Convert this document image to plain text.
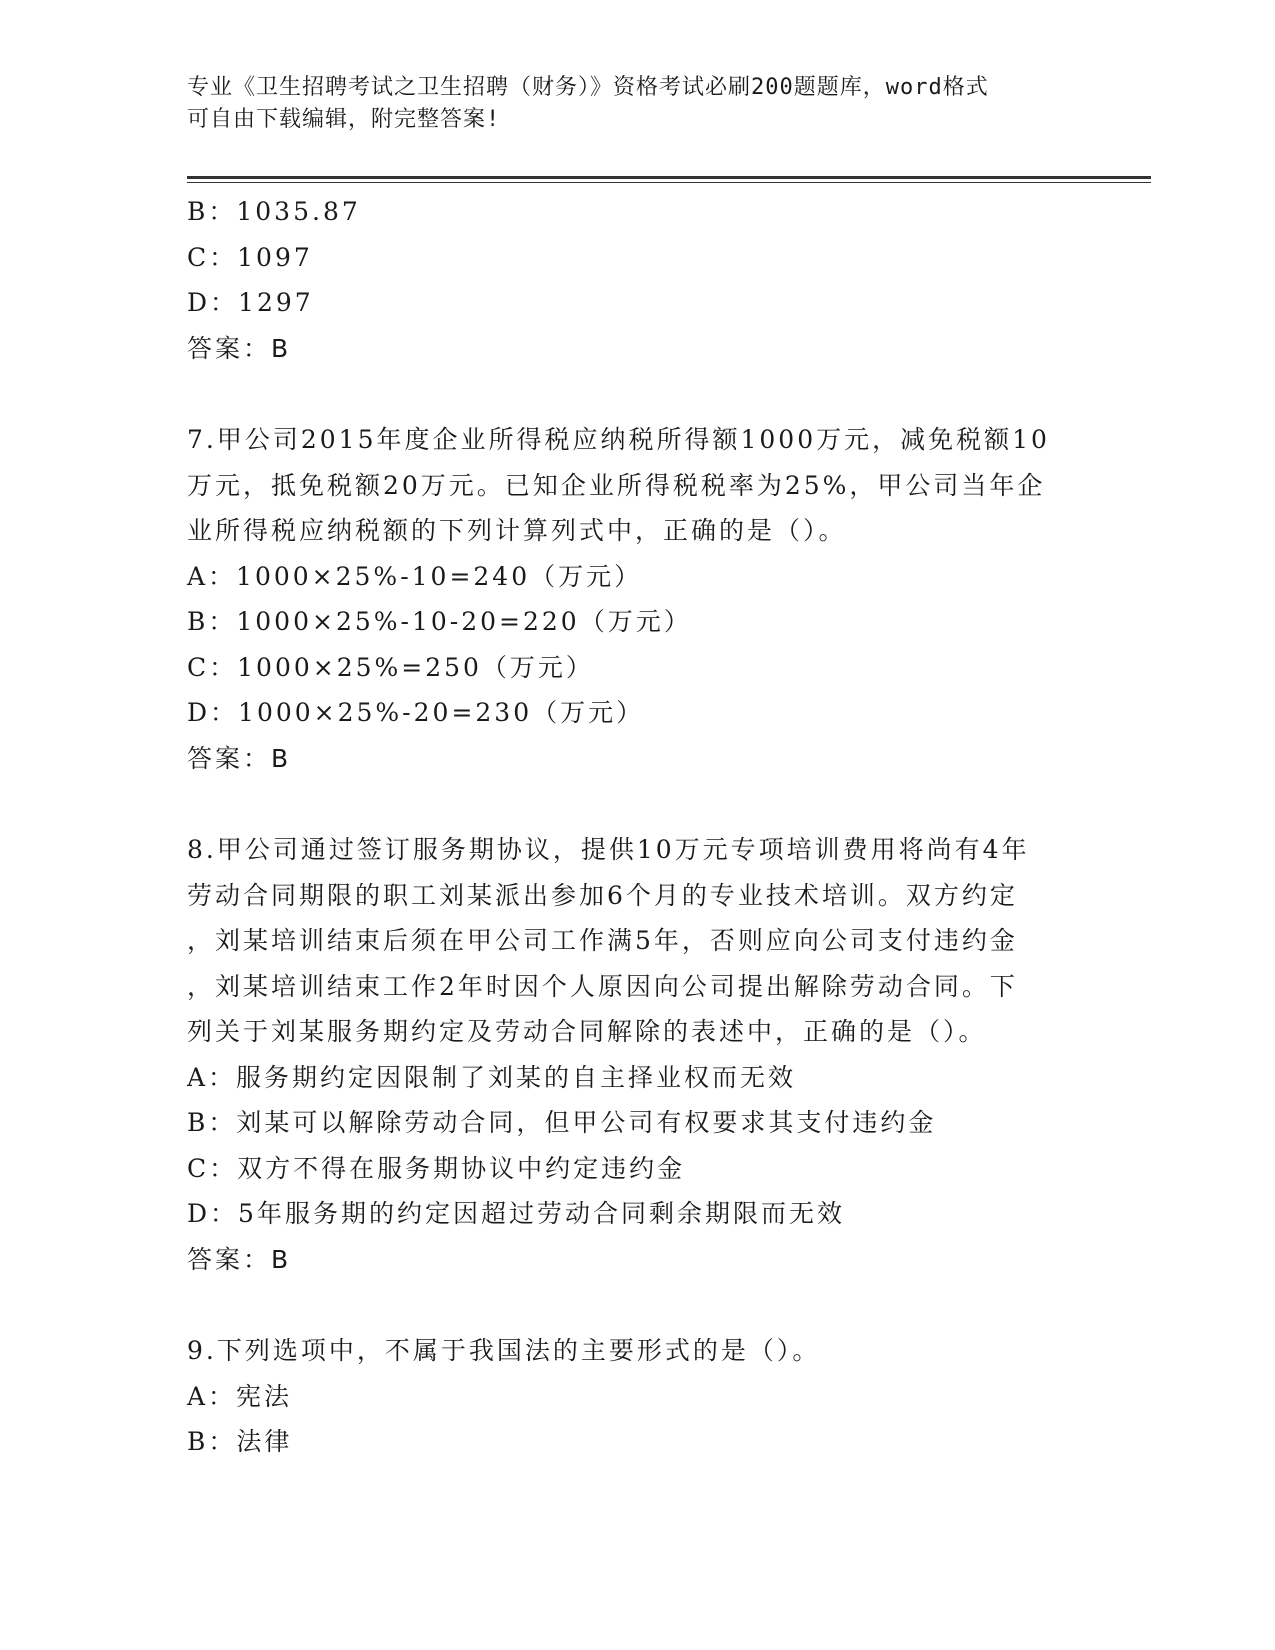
专业《卫生招聘考试之卫生招聘（财务）》资格考试必刷200题题库，word格式
可自由下载编辑，附完整答案!
B：1035.87
C：1097
D：1297
答案：B
7.甲公司2015年度企业所得税应纳税所得额1000万元，减免税额10
万元，抵免税额20万元。已知企业所得税税率为25%，甲公司当年企
业所得税应纳税额的下列计算列式中，正确的是（）。
A：1000×25%-10=240（万元）
B：1000×25%-10-20=220（万元）
C：1000×25%=250（万元）
D：1000×25%-20=230（万元）
答案：B
8.甲公司通过签订服务期协议，提供10万元专项培训费用将尚有4年
劳动合同期限的职工刘某派出参加6个月的专业技术培训。双方约定
，刘某培训结束后须在甲公司工作满5年，否则应向公司支付违约金
，刘某培训结束工作2年时因个人原因向公司提出解除劳动合同。下
列关于刘某服务期约定及劳动合同解除的表述中，正确的是（）。
A：服务期约定因限制了刘某的自主择业权而无效
B：刘某可以解除劳动合同，但甲公司有权要求其支付违约金
C：双方不得在服务期协议中约定违约金
D：5年服务期的约定因超过劳动合同剩余期限而无效
答案：B
9.下列选项中，不属于我国法的主要形式的是（）。
A：宪法
B：法律
